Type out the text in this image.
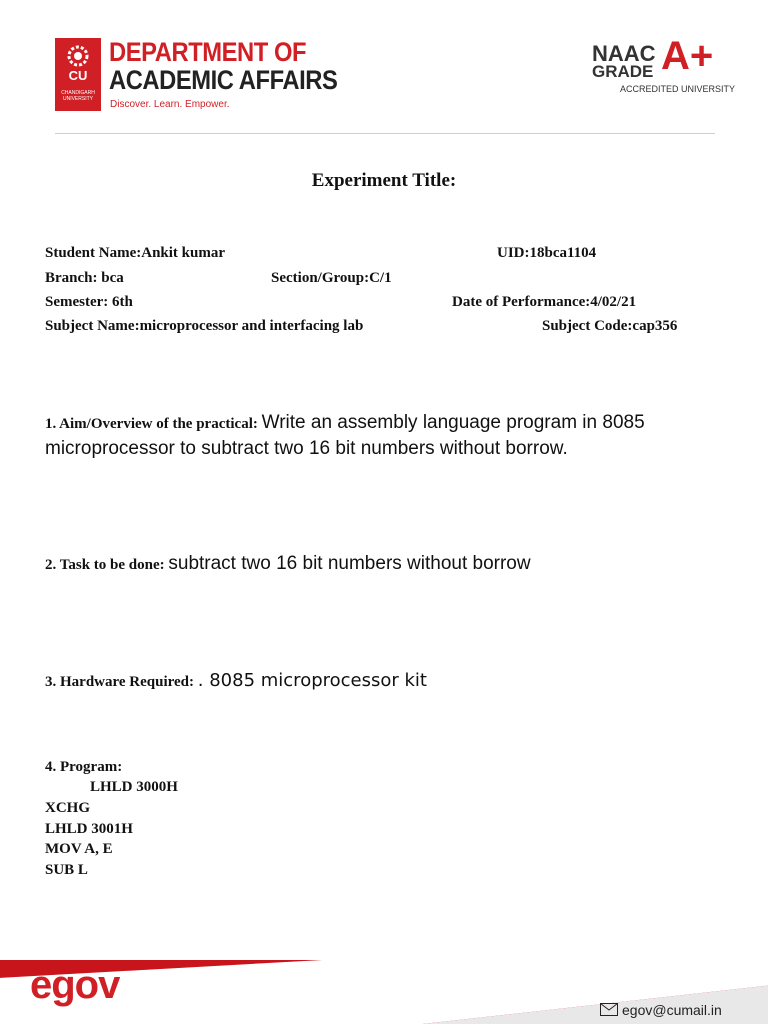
CU
CHANDIGARH UNIVERSITY
DEPARTMENT OF
ACADEMIC AFFAIRS
Discover. Learn. Empower.
NAAC
GRADE A+
ACCREDITED UNIVERSITY
Experiment Title:
Student Name:Ankit kumar	UID:18bca1104
Branch: bca	Section/Group:C/1
Semester: 6th	Date of Performance:4/02/21
Subject Name:microprocessor and interfacing lab	Subject Code:cap356
1. Aim/Overview of the practical: Write an assembly language program in 8085
microprocessor to subtract two 16 bit numbers without borrow.
2. Task to be done: subtract two 16 bit numbers without borrow
3. Hardware Required: . 8085 microprocessor kit
4. Program:
LHLD 3000H
XCHG
LHLD 3001H
MOV A, E
SUB L
egov
egov@cumail.in
